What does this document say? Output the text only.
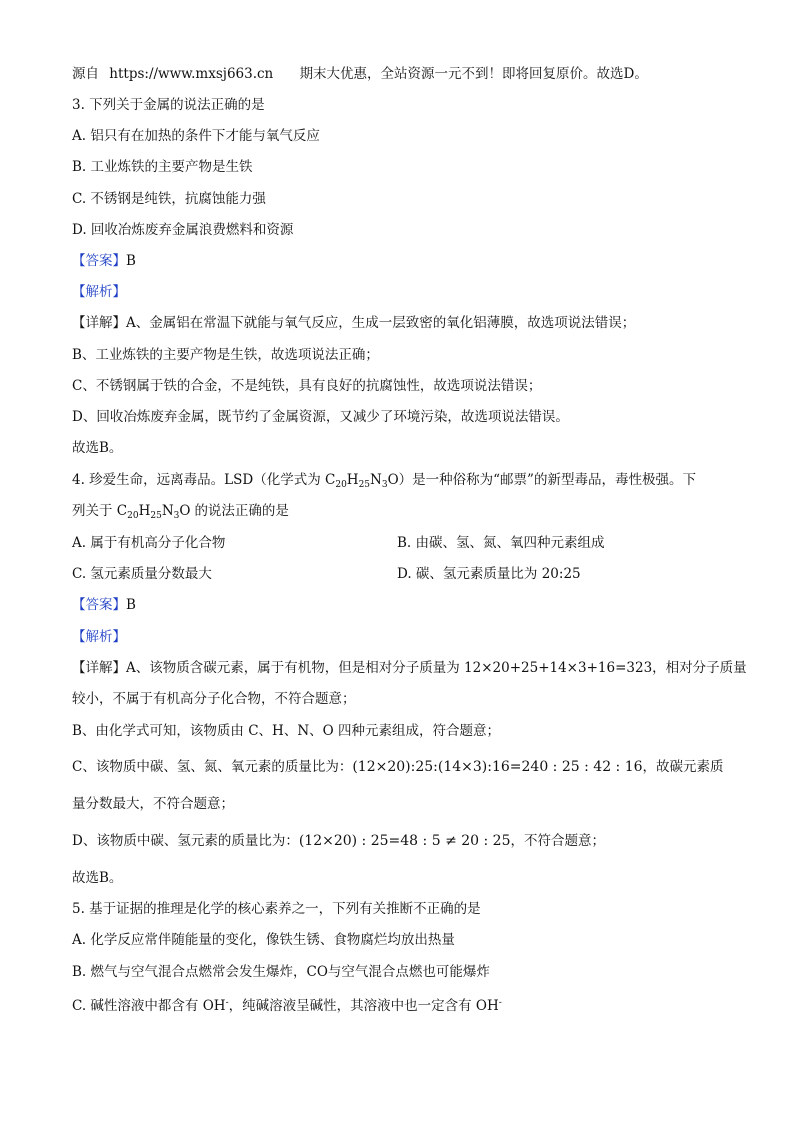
源自 https://www.mxsj663.cn 期末大优惠，全站资源一元不到！即将回复原价。故选D。
3. 下列关于金属的说法正确的是
A. 铝只有在加热的条件下才能与氧气反应
B. 工业炼铁的主要产物是生铁
C. 不锈钢是纯铁，抗腐蚀能力强
D. 回收冶炼废弃金属浪费燃料和资源
【答案】B
【解析】
【详解】A、金属铝在常温下就能与氧气反应，生成一层致密的氧化铝薄膜，故选项说法错误；
B、工业炼铁的主要产物是生铁，故选项说法正确；
C、不锈钢属于铁的合金，不是纯铁，具有良好的抗腐蚀性，故选项说法错误；
D、回收冶炼废弃金属，既节约了金属资源，又减少了环境污染，故选项说法错误。
故选B。
4. 珍爱生命，远离毒品。LSD（化学式为 $C_{20}H_{25}N_3O$）是一种俗称为“邮票”的新型毒品，毒性极强。下
列关于 $C_{20}H_{25}N_3O$ 的说法正确的是
A. 属于有机高分子化合物	B. 由碳、氢、氮、氧四种元素组成
C. 氢元素质量分数最大	D. 碳、氢元素质量比为 20:25
【答案】B
【解析】
【详解】A、该物质含碳元素，属于有机物，但是相对分子质量为 12×20+25+14×3+16=323，相对分子质量
较小，不属于有机高分子化合物，不符合题意；
B、由化学式可知，该物质由 C、H、N、O 四种元素组成，符合题意；
C、该物质中碳、氢、氮、氧元素的质量比为：(12×20):25:(14×3):16=240 : 25 : 42 : 16，故碳元素质
量分数最大，不符合题意；
D、该物质中碳、氢元素的质量比为：(12×20) : 25=48 : 5 ≠ 20 : 25，不符合题意；
故选B。
5. 基于证据的推理是化学的核心素养之一，下列有关推断不正确的是
A. 化学反应常伴随能量的变化，像铁生锈、食物腐烂均放出热量
B. 燃气与空气混合点燃常会发生爆炸，CO与空气混合点燃也可能爆炸
C. 碱性溶液中都含有 OH-，纯碱溶液呈碱性，其溶液中也一定含有 OH-
